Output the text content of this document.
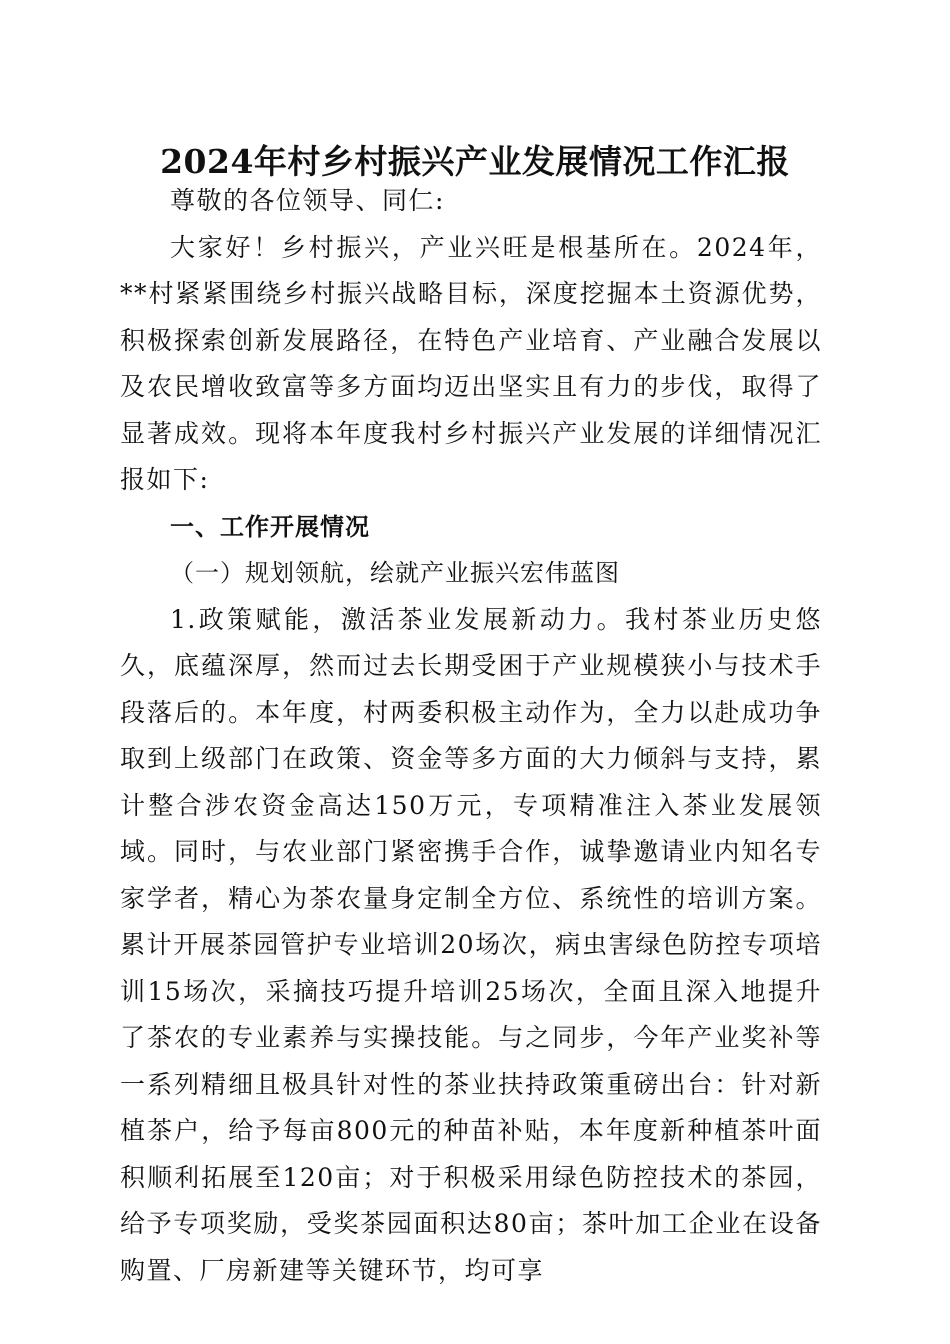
2024年村乡村振兴产业发展情况工作汇报

尊敬的各位领导、同仁:

大家好！乡村振兴，产业兴旺是根基所在。2024年，**村紧紧围绕乡村振兴战略目标，深度挖掘本土资源优势，积极探索创新发展路径，在特色产业培育、产业融合发展以及农民增收致富等多方面均迈出坚实且有力的步伐，取得了显著成效。现将本年度我村乡村振兴产业发展的详细情况汇报如下:

一、工作开展情况

（一）规划领航，绘就产业振兴宏伟蓝图

1.政策赋能，激活茶业发展新动力。我村茶业历史悠久，底蕴深厚，然而过去长期受困于产业规模狭小与技术手段落后的。本年度，村两委积极主动作为，全力以赴成功争取到上级部门在政策、资金等多方面的大力倾斜与支持，累计整合涉农资金高达150万元，专项精准注入茶业发展领域。同时，与农业部门紧密携手合作，诚挚邀请业内知名专家学者，精心为茶农量身定制全方位、系统性的培训方案。累计开展茶园管护专业培训20场次，病虫害绿色防控专项培训15场次，采摘技巧提升培训25场次，全面且深入地提升了茶农的专业素养与实操技能。与之同步，今年产业奖补等一系列精细且极具针对性的茶业扶持政策重磅出台：针对新植茶户，给予每亩800元的种苗补贴，本年度新种植茶叶面积顺利拓展至120亩；对于积极采用绿色防控技术的茶园，给予专项奖励，受奖茶园面积达80亩；茶叶加工企业在设备购置、厂房新建等关键环节，均可享
